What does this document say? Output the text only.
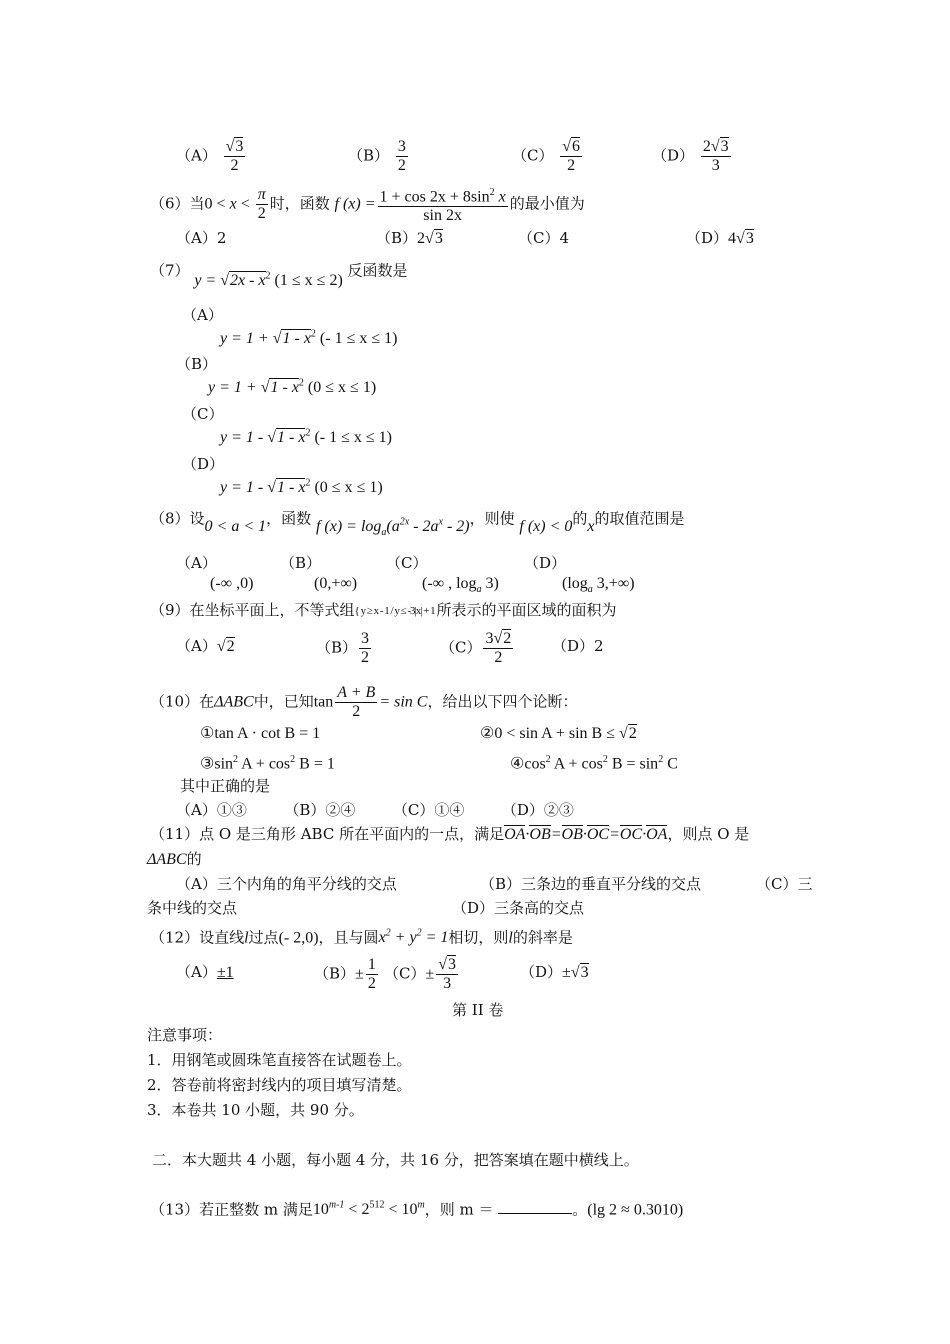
$(A) \frac{√3}{2}$	$(B) \frac{3}{2}$	$(C) \frac{√6}{2}$	$(D) \frac{2√3}{3}$
（6）当$0 < x < \frac{\pi}{2}$ 时，函数 f $(x) = \frac{1 + \cos 2x + 8\sin^2 x}{\sin 2x}$ 的最小值为
（A）2	（B）2√3	（C）4	（D）4√3
（7） $y = √2x - x^2$ (1 ≤ x ≤ 2) 反函数是
（A）
$y = 1 + √1 - x^2$ (- 1 ≤ x ≤ 1)
（B）
$y = 1 + √1 - x^2$ (0 ≤ x ≤ 1)
（C）
$y = 1 - √1 - x^2$ (- 1 ≤ x ≤ 1)
（D）
$y = 1 - √1 - x^2$ (0 ≤ x ≤ 1)
（8）设0 < a < 1，函数 f $(x) = \log_a(a^{2x} - 2a^x - 2)$，则使 f (x) < 0的x的取值范围是
（A）
(-∞ ,0)
（B）
(0,+∞)
（C）
(-∞ , $\log_a 3$)
（D）
($\log_a$ 3,+∞)
（9）在坐标平面上，不等式组{ y ≥ x - 1 / y ≤ -3|x| + 1 所表示的平面区域的面积为
（A）√2	$(B) \frac{3}{2}$	$(C) \frac{3√2}{2}$	（D）2
（10）在ΔABC中，已知$\tan \frac{A + B}{2} = \sin C$，给出以下四个论断：
①tan A · cot B = 1	②0 < sin A + sin B ≤ √2
$③\sin^2$ $A + \cos^2 B = 1$	$④\cos^2$ $A + \cos^2 B = \sin^2 C$
其中正确的是
（A）①③　　　（B）②④　　　（C）①④　　　（D）②③
（11）点 O 是三角形 ABC 所在平面内的一点，满足OA·OB=OB·OC=OC·OA，则点 O 是
ΔABC的
（A）三个内角的角平分线的交点	（B）三条边的垂直平分线的交点	（C）三
条中线的交点	（D）三条高的交点
（12）设直线l过点(- 2,0)，且与圆$x^2 + y^2 = 1$相切，则l的斜率是
（A）±1	$(B)\pm \frac{1}{2} (C)\pm \frac{√3}{3}$	（D）±√3
第 II 卷
注意事项：
1．用钢笔或圆珠笔直接答在试题卷上。
2．答卷前将密封线内的项目填写清楚。
3．本卷共 10 小题，共 90 分。
二．本大题共 4 小题，每小题 4 分，共 16 分，把答案填在题中横线上。
（13）若正整数 m 满足$10^{m-1} < 2^{512} < 10^m$，则 m ＝	。(lg 2 ≈ 0.3010)
